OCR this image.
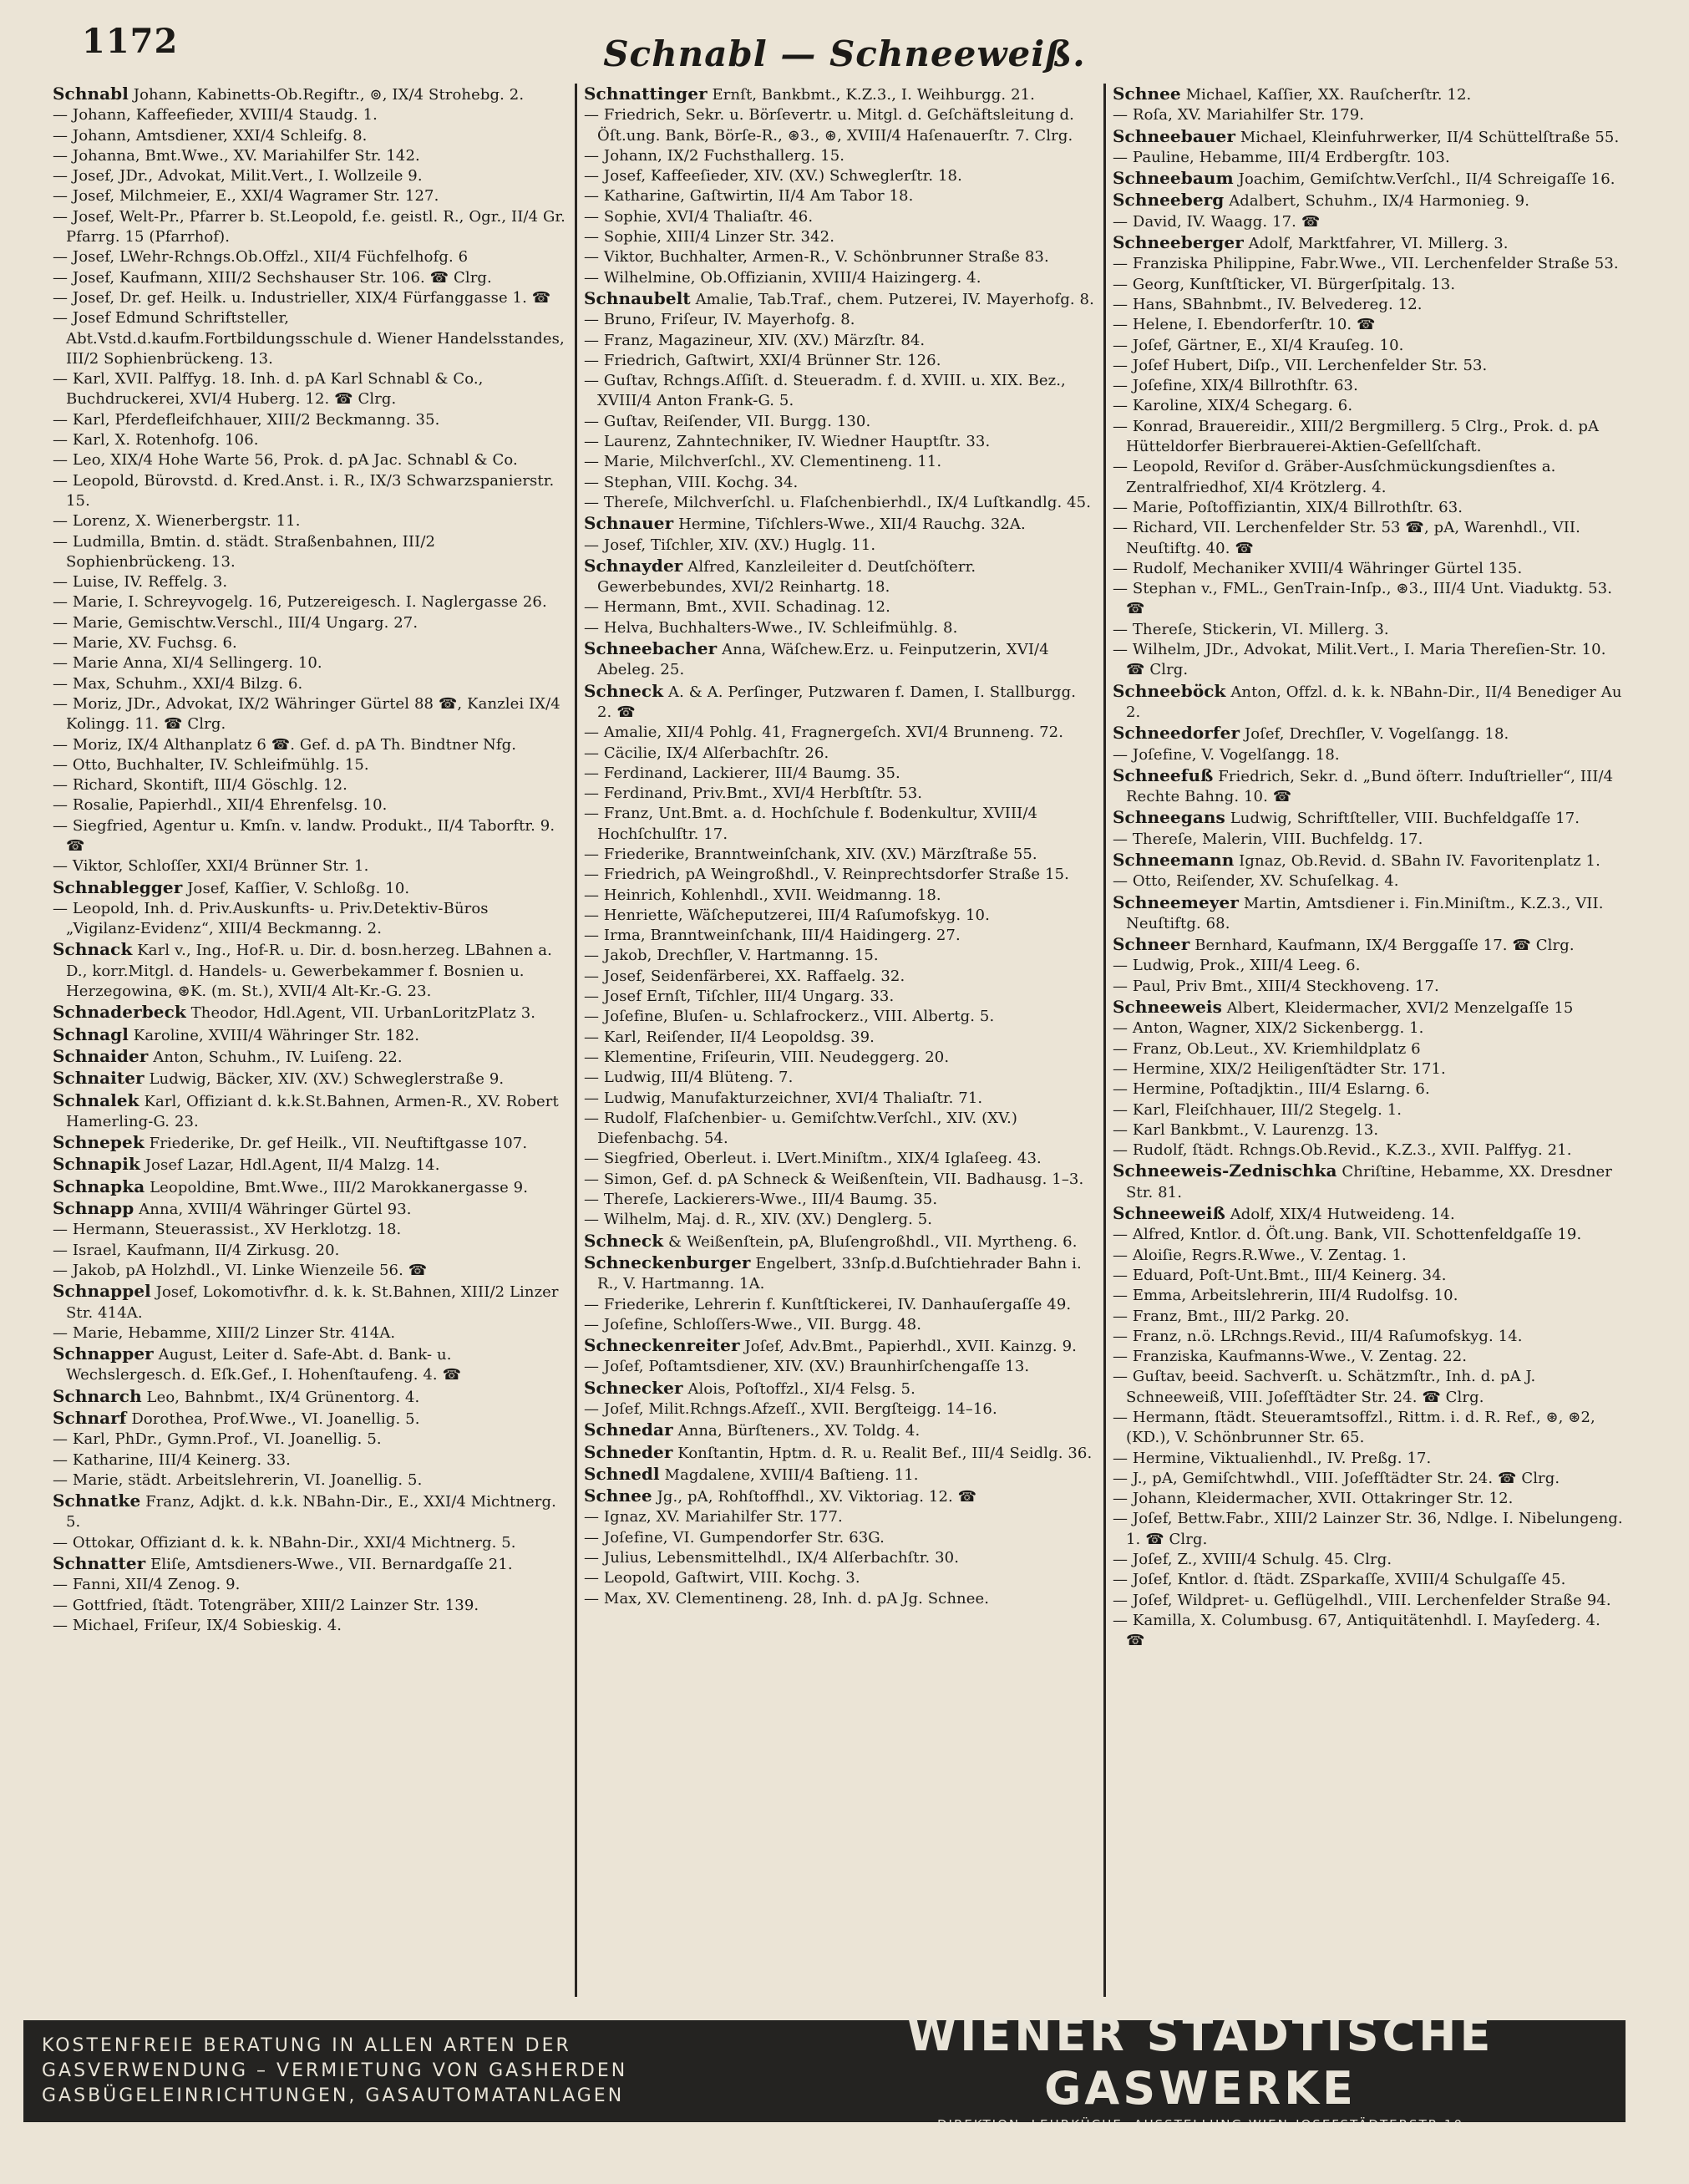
1172	Schnabl — Schneeweiß.

Schnabl Johann, Kabinetts-Ob.Regiftr., ⊚, IX/4 Strohebg. 2.

— Johann, Kaffeefieder, XVIII/4 Staudg. 1.

— Johann, Amtsdiener, XXI/4 Schleifg. 8.

— Johanna, Bmt.Wwe., XV. Mariahilfer Str. 142.

— Josef, JDr., Advokat, Milit.Vert., I. Wollzeile 9.

— Josef, Milchmeier, E., XXI/4 Wagramer Str. 127.

— Josef, Welt-Pr., Pfarrer b. St.Leopold, f.e. geistl. R., Ogr., II/4 Gr. Pfarrg. 15 (Pfarrhof).

— Josef, LWehr-Rchngs.Ob.Offzl., XII/4 Füchfelhofg. 6

— Josef, Kaufmann, XIII/2 Sechshauser Str. 106. ☎ Clrg.

— Josef, Dr. gef. Heilk. u. Industrieller, XIX/4 Fürfanggasse 1. ☎

— Josef Edmund Schriftsteller, Abt.Vstd.d.kaufm.Fortbildungsschule d. Wiener Handelsstandes, III/2 Sophienbrückeng. 13.

— Karl, XVII. Palffyg. 18. Inh. d. pA Karl Schnabl & Co., Buchdruckerei, XVI/4 Huberg. 12. ☎ Clrg.

— Karl, Pferdefleifchhauer, XIII/2 Beckmanng. 35.

— Karl, X. Rotenhofg. 106.

— Leo, XIX/4 Hohe Warte 56, Prok. d. pA Jac. Schnabl & Co.

— Leopold, Bürovstd. d. Kred.Anst. i. R., IX/3 Schwarzspanierstr. 15.

— Lorenz, X. Wienerbergstr. 11.

— Ludmilla, Bmtin. d. städt. Straßenbahnen, III/2 Sophienbrückeng. 13.

— Luise, IV. Reffelg. 3.

— Marie, I. Schreyvogelg. 16, Putzereigesch. I. Naglergasse 26.

— Marie, Gemischtw.Verschl., III/4 Ungarg. 27.

— Marie, XV. Fuchsg. 6.

— Marie Anna, XI/4 Sellingerg. 10.

— Max, Schuhm., XXI/4 Bilzg. 6.

— Moriz, JDr., Advokat, IX/2 Währinger Gürtel 88 ☎, Kanzlei IX/4 Kolingg. 11. ☎ Clrg.

— Moriz, IX/4 Althanplatz 6 ☎. Gef. d. pA Th. Bindtner Nfg.

— Otto, Buchhalter, IV. Schleifmühlg. 15.

— Richard, Skontift, III/4 Göschlg. 12.

— Rosalie, Papierhdl., XII/4 Ehrenfelsg. 10.

— Siegfried, Agentur u. Kmſn. v. landw. Produkt., II/4 Taborftr. 9. ☎

— Viktor, Schloſſer, XXI/4 Brünner Str. 1.

Schnablegger Josef, Kaſſier, V. Schloßg. 10.

— Leopold, Inh. d. Priv.Auskunfts- u. Priv.Detektiv-Büros „Vigilanz-Evidenz“, XIII/4 Beckmanng. 2.

Schnack Karl v., Ing., Hof-R. u. Dir. d. bosn.herzeg. LBahnen a. D., korr.Mitgl. d. Handels- u. Gewerbekammer f. Bosnien u. Herzegowina, ⊛K. (m. St.), XVII/4 Alt-Kr.-G. 23.

Schnaderbeck Theodor, Hdl.Agent, VII. UrbanLoritzPlatz 3.

Schnagl Karoline, XVIII/4 Währinger Str. 182.

Schnaider Anton, Schuhm., IV. Luiſeng. 22.

Schnaiter Ludwig, Bäcker, XIV. (XV.) Schweglerstraße 9.

Schnalek Karl, Offiziant d. k.k.St.Bahnen, Armen-R., XV. Robert Hamerling-G. 23.

Schnepek Friederike, Dr. gef Heilk., VII. Neuftiftgasse 107.

Schnapik Josef Lazar, Hdl.Agent, II/4 Malzg. 14.

Schnapka Leopoldine, Bmt.Wwe., III/2 Marokkanergasse 9.

Schnapp Anna, XVIII/4 Währinger Gürtel 93.

— Hermann, Steuerassist., XV Herklotzg. 18.

— Israel, Kaufmann, II/4 Zirkusg. 20.

— Jakob, pA Holzhdl., VI. Linke Wienzeile 56. ☎

Schnappel Josef, Lokomotivfhr. d. k. k. St.Bahnen, XIII/2 Linzer Str. 414A.

— Marie, Hebamme, XIII/2 Linzer Str. 414A.

Schnapper August, Leiter d. Safe-Abt. d. Bank- u. Wechslergesch. d. Eſk.Gef., I. Hohenſtaufeng. 4. ☎

Schnarch Leo, Bahnbmt., IX/4 Grünentorg. 4.

Schnarf Dorothea, Prof.Wwe., VI. Joanellig. 5.

— Karl, PhDr., Gymn.Prof., VI. Joanellig. 5.

— Katharine, III/4 Keinerg. 33.

— Marie, städt. Arbeitslehrerin, VI. Joanellig. 5.

Schnatke Franz, Adjkt. d. k.k. NBahn-Dir., E., XXI/4 Michtnerg. 5.

— Ottokar, Offiziant d. k. k. NBahn-Dir., XXI/4 Michtnerg. 5.

Schnatter Eliſe, Amtsdieners-Wwe., VII. Bernardgaſſe 21.

— Fanni, XII/4 Zenog. 9.

— Gottfried, ſtädt. Totengräber, XIII/2 Lainzer Str. 139.

— Michael, Friſeur, IX/4 Sobieskig. 4.

Schnattinger Ernſt, Bankbmt., K.Z.3., I. Weihburgg. 21.

— Friedrich, Sekr. u. Börſevertr. u. Mitgl. d. Geſchäftsleitung d. Öſt.ung. Bank, Börſe-R., ⊛3., ⊛, XVIII/4 Haſenauerſtr. 7. Clrg.

— Johann, IX/2 Fuchsthallerg. 15.

— Josef, Kaffeeſieder, XIV. (XV.) Schweglerſtr. 18.

— Katharine, Gaſtwirtin, II/4 Am Tabor 18.

— Sophie, XVI/4 Thaliaſtr. 46.

— Sophie, XIII/4 Linzer Str. 342.

— Viktor, Buchhalter, Armen-R., V. Schönbrunner Straße 83.

— Wilhelmine, Ob.Offizianin, XVIII/4 Haizingerg. 4.

Schnaubelt Amalie, Tab.Traf., chem. Putzerei, IV. Mayerhofg. 8.

— Bruno, Friſeur, IV. Mayerhofg. 8.

— Franz, Magazineur, XIV. (XV.) Märzſtr. 84.

— Friedrich, Gaſtwirt, XXI/4 Brünner Str. 126.

— Guſtav, Rchngs.Aſſiſt. d. Steueradm. f. d. XVIII. u. XIX. Bez., XVIII/4 Anton Frank-G. 5.

— Guſtav, Reiſender, VII. Burgg. 130.

— Laurenz, Zahntechniker, IV. Wiedner Hauptſtr. 33.

— Marie, Milchverſchl., XV. Clementineng. 11.

— Stephan, VIII. Kochg. 34.

— Thereſe, Milchverſchl. u. Flaſchenbierhdl., IX/4 Luſtkandlg. 45.

Schnauer Hermine, Tiſchlers-Wwe., XII/4 Rauchg. 32A.

— Josef, Tiſchler, XIV. (XV.) Huglg. 11.

Schnayder Alfred, Kanzleileiter d. Deutſchöſterr. Gewerbebundes, XVI/2 Reinhartg. 18.

— Hermann, Bmt., XVII. Schadinag. 12.

— Helva, Buchhalters-Wwe., IV. Schleifmühlg. 8.

Schneebacher Anna, Wäſchew.Erz. u. Feinputzerin, XVI/4 Abeleg. 25.

Schneck A. & A. Perſinger, Putzwaren f. Damen, I. Stallburgg. 2. ☎

— Amalie, XII/4 Pohlg. 41, Fragnergeſch. XVI/4 Brunneng. 72.

— Cäcilie, IX/4 Alſerbachſtr. 26.

— Ferdinand, Lackierer, III/4 Baumg. 35.

— Ferdinand, Priv.Bmt., XVI/4 Herbſtſtr. 53.

— Franz, Unt.Bmt. a. d. Hochſchule f. Bodenkultur, XVIII/4 Hochſchulſtr. 17.

— Friederike, Branntweinſchank, XIV. (XV.) Märzſtraße 55.

— Friedrich, pA Weingroßhdl., V. Reinprechtsdorfer Straße 15.

— Heinrich, Kohlenhdl., XVII. Weidmanng. 18.

— Henriette, Wäſcheputzerei, III/4 Raſumofskyg. 10.

— Irma, Branntweinſchank, III/4 Haidingerg. 27.

— Jakob, Drechſler, V. Hartmanng. 15.

— Josef, Seidenfärberei, XX. Raffaelg. 32.

— Josef Ernſt, Tiſchler, III/4 Ungarg. 33.

— Joſefine, Bluſen- u. Schlafrockerz., VIII. Albertg. 5.

— Karl, Reiſender, II/4 Leopoldsg. 39.

— Klementine, Friſeurin, VIII. Neudeggerg. 20.

— Ludwig, III/4 Blüteng. 7.

— Ludwig, Manufakturzeichner, XVI/4 Thaliaſtr. 71.

— Rudolf, Flaſchenbier- u. Gemiſchtw.Verſchl., XIV. (XV.) Diefenbachg. 54.

— Siegfried, Oberleut. i. LVert.Miniſtm., XIX/4 Iglaſeeg. 43.

— Simon, Gef. d. pA Schneck & Weißenſtein, VII. Badhausg. 1–3.

— Thereſe, Lackierers-Wwe., III/4 Baumg. 35.

— Wilhelm, Maj. d. R., XIV. (XV.) Denglerg. 5.

Schneck & Weißenſtein, pA, Bluſengroßhdl., VII. Myrtheng. 6.

Schneckenburger Engelbert, 33nſp.d.Buſchtiehrader Bahn i. R., V. Hartmanng. 1A.

— Friederike, Lehrerin f. Kunſtſtickerei, IV. Danhauſergaſſe 49.

— Joſefine, Schloſſers-Wwe., VII. Burgg. 48.

Schneckenreiter Joſef, Adv.Bmt., Papierhdl., XVII. Kainzg. 9.

— Joſef, Poſtamtsdiener, XIV. (XV.) Braunhirſchengaſſe 13.

Schnecker Alois, Poſtoffzl., XI/4 Felsg. 5.

— Joſef, Milit.Rchngs.Afzeſſ., XVII. Bergſteigg. 14–16.

Schnedar Anna, Bürſteners., XV. Toldg. 4.

Schneder Konſtantin, Hptm. d. R. u. Realit Bef., III/4 Seidlg. 36.

Schnedl Magdalene, XVIII/4 Baſtieng. 11.

Schnee Jg., pA, Rohſtoffhdl., XV. Viktoriag. 12. ☎

— Ignaz, XV. Mariahilfer Str. 177.

— Joſefine, VI. Gumpendorfer Str. 63G.

— Julius, Lebensmittelhdl., IX/4 Alſerbachſtr. 30.

— Leopold, Gaſtwirt, VIII. Kochg. 3.

— Max, XV. Clementineng. 28, Inh. d. pA Jg. Schnee.

Schnee Michael, Kaſſier, XX. Rauſcherſtr. 12.

— Roſa, XV. Mariahilfer Str. 179.

Schneebauer Michael, Kleinfuhrwerker, II/4 Schüttelſtraße 55.

— Pauline, Hebamme, III/4 Erdbergſtr. 103.

Schneebaum Joachim, Gemiſchtw.Verſchl., II/4 Schreigaſſe 16.

Schneeberg Adalbert, Schuhm., IX/4 Harmonieg. 9.

— David, IV. Waagg. 17. ☎

Schneeberger Adolf, Marktfahrer, VI. Millerg. 3.

— Franziska Philippine, Fabr.Wwe., VII. Lerchenfelder Straße 53.

— Georg, Kunſtſticker, VI. Bürgerſpitalg. 13.

— Hans, SBahnbmt., IV. Belvedereg. 12.

— Helene, I. Ebendorferſtr. 10. ☎

— Joſef, Gärtner, E., XI/4 Krauſeg. 10.

— Joſef Hubert, Diſp., VII. Lerchenfelder Str. 53.

— Joſefine, XIX/4 Billrothſtr. 63.

— Karoline, XIX/4 Schegarg. 6.

— Konrad, Brauereidir., XIII/2 Bergmillerg. 5 Clrg., Prok. d. pA Hütteldorfer Bierbrauerei-Aktien-Geſellſchaft.

— Leopold, Reviſor d. Gräber-Ausſchmückungsdienſtes a. Zentralfriedhof, XI/4 Krötzlerg. 4.

— Marie, Poſtoffiziantin, XIX/4 Billrothſtr. 63.

— Richard, VII. Lerchenfelder Str. 53 ☎, pA, Warenhdl., VII. Neuſtiftg. 40. ☎

— Rudolf, Mechaniker XVIII/4 Währinger Gürtel 135.

— Stephan v., FML., GenTrain-Inſp., ⊛3., III/4 Unt. Viaduktg. 53. ☎

— Thereſe, Stickerin, VI. Millerg. 3.

— Wilhelm, JDr., Advokat, Milit.Vert., I. Maria Thereſien-Str. 10. ☎ Clrg.

Schneeböck Anton, Offzl. d. k. k. NBahn-Dir., II/4 Benediger Au 2.

Schneedorfer Joſef, Drechſler, V. Vogelſangg. 18.

— Joſefine, V. Vogelſangg. 18.

Schneefuß Friedrich, Sekr. d. „Bund öſterr. Induſtrieller“, III/4 Rechte Bahng. 10. ☎

Schneegans Ludwig, Schriftſteller, VIII. Buchfeldgaſſe 17.

— Thereſe, Malerin, VIII. Buchfeldg. 17.

Schneemann Ignaz, Ob.Revid. d. SBahn IV. Favoritenplatz 1.

— Otto, Reiſender, XV. Schuſelkag. 4.

Schneemeyer Martin, Amtsdiener i. Fin.Miniſtm., K.Z.3., VII. Neuſtiftg. 68.

Schneer Bernhard, Kaufmann, IX/4 Berggaſſe 17. ☎ Clrg.

— Ludwig, Prok., XIII/4 Leeg. 6.

— Paul, Priv Bmt., XIII/4 Steckhoveng. 17.

Schneeweis Albert, Kleidermacher, XVI/2 Menzelgaſſe 15

— Anton, Wagner, XIX/2 Sickenbergg. 1.

— Franz, Ob.Leut., XV. Kriemhildplatz 6

— Hermine, XIX/2 Heiligenſtädter Str. 171.

— Hermine, Poſtadjktin., III/4 Eslarng. 6.

— Karl, Fleiſchhauer, III/2 Stegelg. 1.

— Karl Bankbmt., V. Laurenzg. 13.

— Rudolf, ſtädt. Rchngs.Ob.Revid., K.Z.3., XVII. Palffyg. 21.

Schneeweis-Zednischka Chriſtine, Hebamme, XX. Dresdner Str. 81.

Schneeweiß Adolf, XIX/4 Hutweideng. 14.

— Alfred, Kntlor. d. Öſt.ung. Bank, VII. Schottenfeldgaſſe 19.

— Aloiſie, Regrs.R.Wwe., V. Zentag. 1.

— Eduard, Poſt-Unt.Bmt., III/4 Keinerg. 34.

— Emma, Arbeitslehrerin, III/4 Rudolfsg. 10.

— Franz, Bmt., III/2 Parkg. 20.

— Franz, n.ö. LRchngs.Revid., III/4 Raſumofskyg. 14.

— Franziska, Kaufmanns-Wwe., V. Zentag. 22.

— Guſtav, beeid. Sachverſt. u. Schätzmſtr., Inh. d. pA J. Schneeweiß, VIII. Joſefſtädter Str. 24. ☎ Clrg.

— Hermann, ſtädt. Steueramtsoffzl., Rittm. i. d. R. Ref., ⊛, ⊛2, (KD.), V. Schönbrunner Str. 65.

— Hermine, Viktualienhdl., IV. Preßg. 17.

— J., pA, Gemiſchtwhdl., VIII. Joſefſtädter Str. 24. ☎ Clrg.

— Johann, Kleidermacher, XVII. Ottakringer Str. 12.

— Joſef, Bettw.Fabr., XIII/2 Lainzer Str. 36, Ndlge. I. Nibelungeng. 1. ☎ Clrg.

— Joſef, Z., XVIII/4 Schulg. 45. Clrg.

— Joſef, Kntlor. d. ſtädt. ZSparkaſſe, XVIII/4 Schulgaſſe 45.

— Joſef, Wildpret- u. Geflügelhdl., VIII. Lerchenfelder Straße 94.

— Kamilla, X. Columbusg. 67, Antiquitätenhdl. I. Mayſederg. 4. ☎

KOSTENFREIE BERATUNG IN ALLEN ARTEN DER
GASVERWENDUNG – VERMIETUNG VON GASHERDEN
GASBÜGELEINRICHTUNGEN, GASAUTOMATANLAGEN
WIENER STÄDTISCHE GASWERKE
DIREKTION, LEHRKÜCHE, AUSSTELLUNG WIEN-JOSEFSTÄDTERSTR 10
